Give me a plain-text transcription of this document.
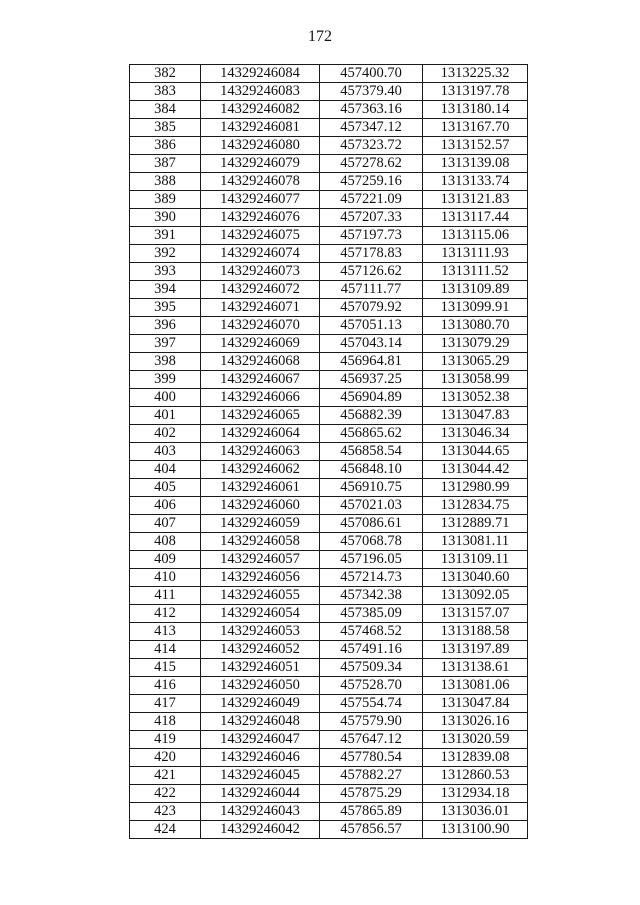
172
382	14329246084	457400.70	1313225.32
383	14329246083	457379.40	1313197.78
384	14329246082	457363.16	1313180.14
385	14329246081	457347.12	1313167.70
386	14329246080	457323.72	1313152.57
387	14329246079	457278.62	1313139.08
388	14329246078	457259.16	1313133.74
389	14329246077	457221.09	1313121.83
390	14329246076	457207.33	1313117.44
391	14329246075	457197.73	1313115.06
392	14329246074	457178.83	1313111.93
393	14329246073	457126.62	1313111.52
394	14329246072	457111.77	1313109.89
395	14329246071	457079.92	1313099.91
396	14329246070	457051.13	1313080.70
397	14329246069	457043.14	1313079.29
398	14329246068	456964.81	1313065.29
399	14329246067	456937.25	1313058.99
400	14329246066	456904.89	1313052.38
401	14329246065	456882.39	1313047.83
402	14329246064	456865.62	1313046.34
403	14329246063	456858.54	1313044.65
404	14329246062	456848.10	1313044.42
405	14329246061	456910.75	1312980.99
406	14329246060	457021.03	1312834.75
407	14329246059	457086.61	1312889.71
408	14329246058	457068.78	1313081.11
409	14329246057	457196.05	1313109.11
410	14329246056	457214.73	1313040.60
411	14329246055	457342.38	1313092.05
412	14329246054	457385.09	1313157.07
413	14329246053	457468.52	1313188.58
414	14329246052	457491.16	1313197.89
415	14329246051	457509.34	1313138.61
416	14329246050	457528.70	1313081.06
417	14329246049	457554.74	1313047.84
418	14329246048	457579.90	1313026.16
419	14329246047	457647.12	1313020.59
420	14329246046	457780.54	1312839.08
421	14329246045	457882.27	1312860.53
422	14329246044	457875.29	1312934.18
423	14329246043	457865.89	1313036.01
424	14329246042	457856.57	1313100.90
